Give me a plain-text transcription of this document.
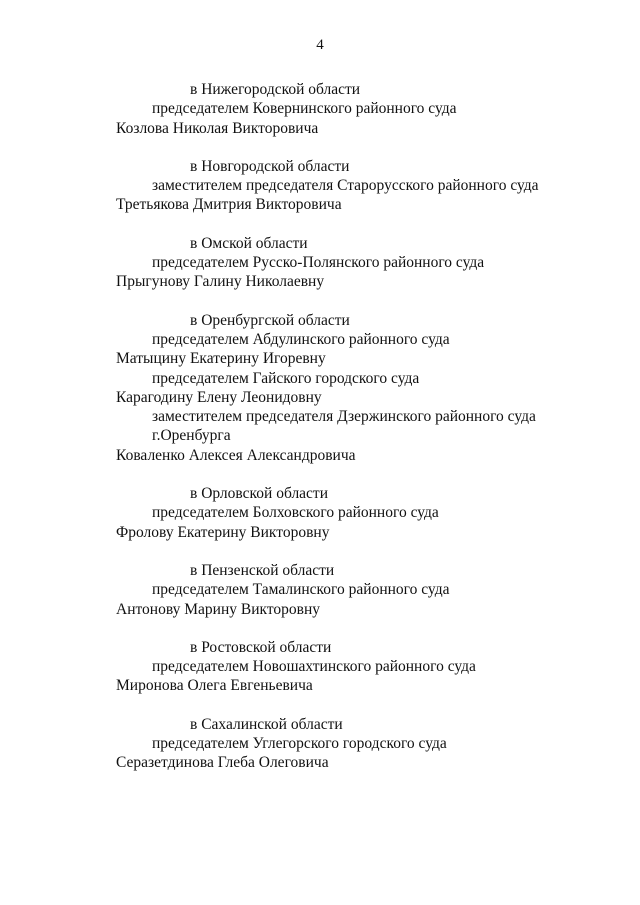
4
в Нижегородской области
председателем Ковернинского районного суда
Козлова Николая Викторовича
в Новгородской области
заместителем председателя Старорусского районного суда
Третьякова Дмитрия Викторовича
в Омской области
председателем Русско-Полянского районного суда
Прыгунову Галину Николаевну
в Оренбургской области
председателем Абдулинского районного суда
Матыцину Екатерину Игоревну
председателем Гайского городского суда
Карагодину Елену Леонидовну
заместителем председателя Дзержинского районного суда
г.Оренбурга
Коваленко Алексея Александровича
в Орловской области
председателем Болховского районного суда
Фролову Екатерину Викторовну
в Пензенской области
председателем Тамалинского районного суда
Антонову Марину Викторовну
в Ростовской области
председателем Новошахтинского районного суда
Миронова Олега Евгеньевича
в Сахалинской области
председателем Углегорского городского суда
Серазетдинова Глеба Олеговича
